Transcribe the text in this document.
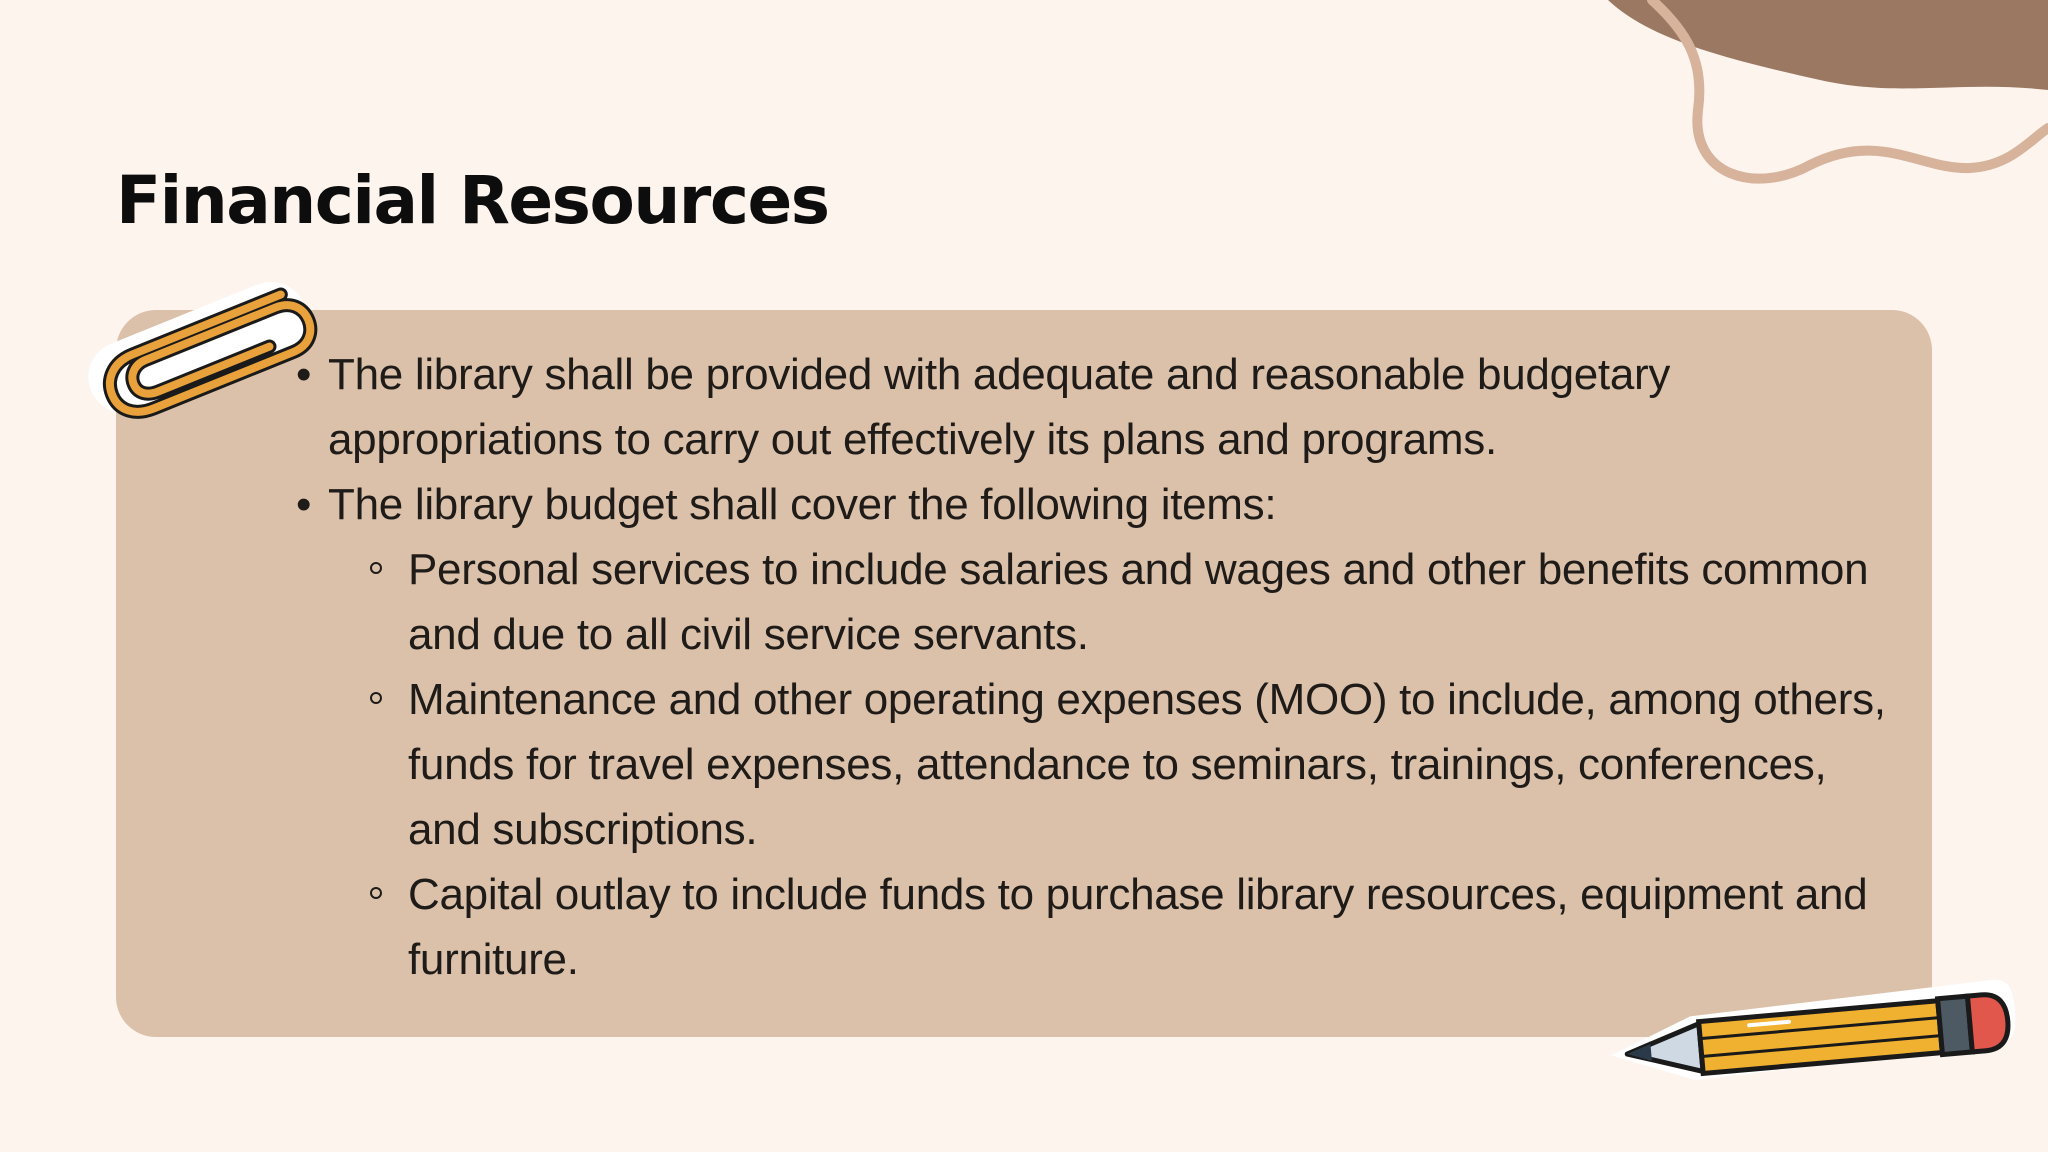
Financial Resources
• The library shall be provided with adequate and reasonable budgetary appropriations to carry out effectively its plans and programs.
• The library budget shall cover the following items:
Personal services to include salaries and wages and other benefits common and due to all civil service servants.
Maintenance and other operating expenses (MOO) to include, among others, funds for travel expenses, attendance to seminars, trainings, conferences, and subscriptions.
Capital outlay to include funds to purchase library resources, equipment and furniture.
